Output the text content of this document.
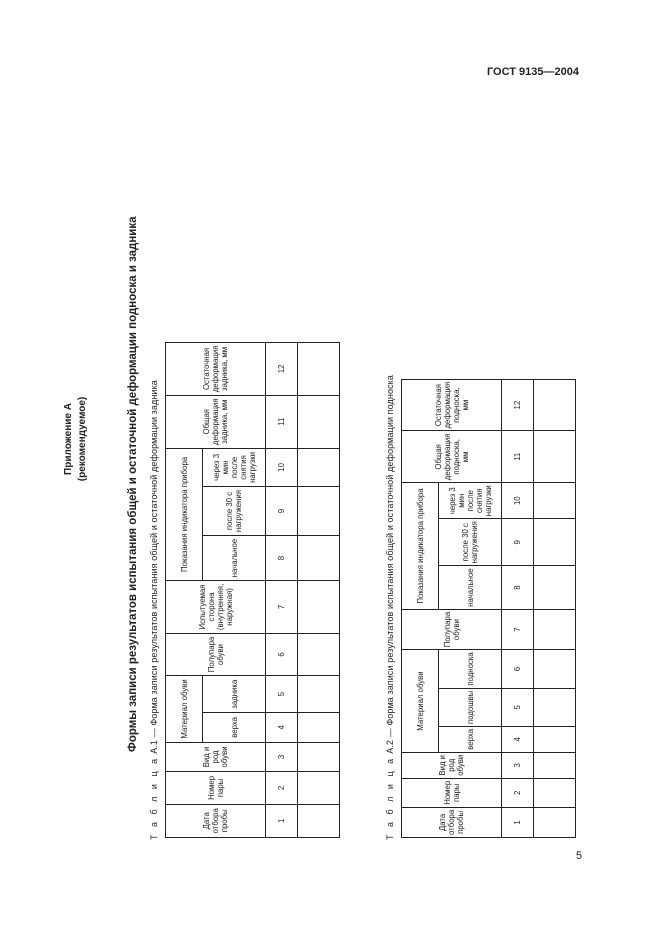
ГОСТ 9135—2004
5
Приложение А (рекомендуемое)	Формы записи результатов испытания общей и остаточной деформации подноска и задника
Т а б л и ц а А.1 — Форма записи результатов испытания общей и остаточной деформации задника
Дата отбора пробы	Номер пары	Вид и род обуви	Материал обуви		Полупара обуви	Испытуемая сторона (внутренняя, наружная)	Показания индикатора прибора			Общая деформация задника, мм	Остаточная деформация задника, мм
			верха	задника			начальное	после 30 с нагружения	через 3 мин после снятия нагрузки		
1	2	3	4	5	6	7	8	9	10	11	12

Т а б л и ц а А.2 — Форма записи результатов испытания общей и остаточной деформации подноска
Дата отбора пробы	Номер пары	Вид и род обуви	Материал обуви			Полупара обуви	Показания индикатора прибора			Общая деформация подноска, мм	Остаточная деформация подноска, мм
			верха	подошвы	подноска		начальное	после 30 с нагружения	через 3 мин после снятия нагрузки		
1	2	3	4	5	6	7	8	9	10	11	12
